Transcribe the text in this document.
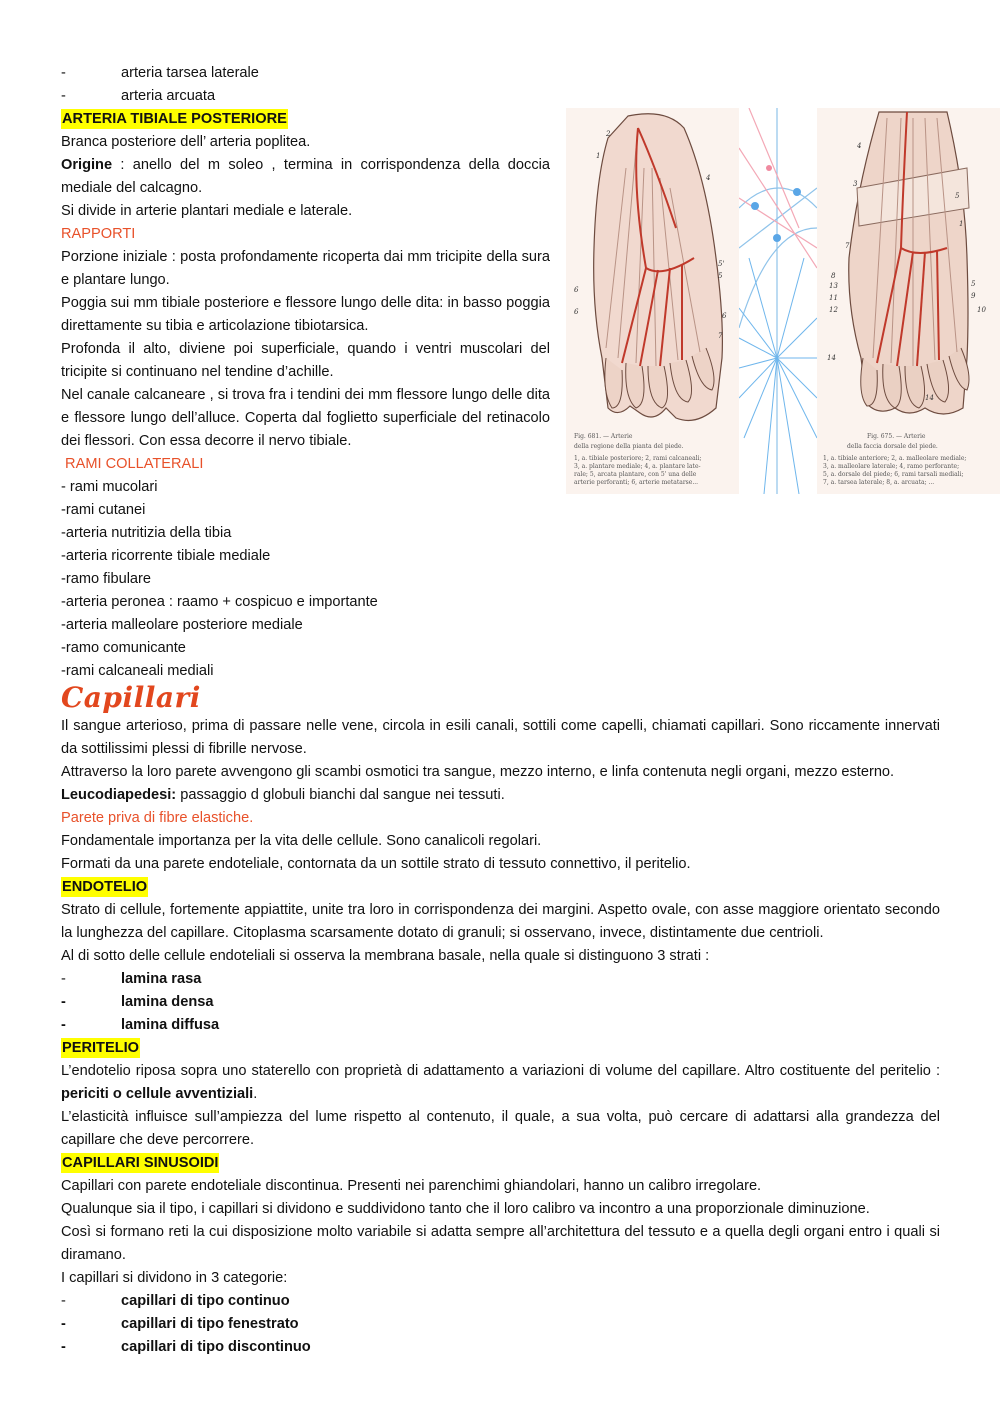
-	arteria tarsea laterale
-	arteria arcuata
ARTERIA TIBIALE POSTERIORE
Branca posteriore dell’ arteria poplitea.
Origine : anello del m soleo , termina in corrispondenza della doccia mediale del calcagno.
Si divide in arterie plantari mediale e laterale.
RAPPORTI
Porzione iniziale : posta profondamente ricoperta dai mm tricipite della sura e plantare lungo.
Poggia sui mm tibiale posteriore e flessore lungo delle dita: in basso poggia direttamente su tibia e articolazione tibiotarsica.
Profonda il alto, diviene poi superficiale, quando i ventri muscolari del tricipite si continuano nel tendine d’achille.
Nel canale calcaneare , si trova fra i tendini dei mm flessore lungo delle dita e flessore lungo dell’alluce. Coperta dal foglietto superficiale del retinacolo dei flessori. Con essa decorre il nervo tibiale.
RAMI COLLATERALI
- rami mucolari
-rami cutanei
-arteria nutritizia della tibia
-arteria ricorrente tibiale mediale
-ramo fibulare
-arteria peronea : raamo + cospicuo e importante
-arteria malleolare posteriore mediale
-ramo comunicante
-rami calcaneali mediali
2
1
4
5'
5
6
6	6
7
Fig. 681. — Arterie
della regione della pianta del piede.
1, a. tibiale posteriore; 2, rami calcaneali;
3, a. plantare mediale; 4, a. plantare late-
rale; 5, arcata plantare, con 5' una delle
arterie perforanti; 6, arterie metatarse...
4
3
5
1
7
8
13
11
12
5
9
10
14
14
Fig. 675. — Arterie
della faccia dorsale del piede.
1, a. tibiale anteriore; 2, a. malleolare mediale;
3, a. malleolare laterale; 4, ramo perforante;
5, a. dorsale del piede; 6, rami tarsali mediali;
7, a. tarsea laterale; 8, a. arcuata; ...
Capillari
Il sangue arterioso, prima di passare nelle vene, circola in esili canali, sottili come capelli, chiamati capillari. Sono riccamente innervati da sottilissimi plessi di fibrille nervose.
Attraverso la loro parete avvengono gli scambi osmotici tra sangue, mezzo interno, e linfa contenuta negli organi, mezzo esterno.
Leucodiapedesi: passaggio d globuli bianchi dal sangue nei tessuti.
Parete priva di fibre elastiche.
Fondamentale importanza per la vita delle cellule. Sono canalicoli regolari.
Formati da una parete endoteliale, contornata da un sottile strato di tessuto connettivo, il peritelio.
ENDOTELIO
Strato di cellule, fortemente appiattite, unite tra loro in corrispondenza dei margini. Aspetto ovale, con asse maggiore orientato secondo la lunghezza del capillare. Citoplasma scarsamente dotato di granuli; si osservano, invece, distintamente due centrioli.
Al di sotto delle cellule endoteliali si osserva la membrana basale, nella quale si distinguono 3 strati :
-	lamina rasa
-	lamina densa
-	lamina diffusa
PERITELIO
L’endotelio riposa sopra uno staterello con proprietà di adattamento a variazioni di volume del capillare. Altro costituente del peritelio : periciti o cellule avventiziali.
L’elasticità influisce sull’ampiezza del lume rispetto al contenuto, il quale, a sua volta, può cercare di adattarsi alla grandezza del capillare che deve percorrere.
CAPILLARI SINUSOIDI
Capillari con parete endoteliale discontinua. Presenti nei parenchimi ghiandolari, hanno un calibro irregolare.
Qualunque sia il tipo, i capillari si dividono e suddividono tanto che il loro calibro va incontro a una proporzionale diminuzione.
Così si formano reti la cui disposizione molto variabile si adatta sempre all’architettura del tessuto e a quella degli organi entro i quali si diramano.
I capillari si dividono in 3 categorie:
-	capillari di tipo continuo
-	capillari di tipo fenestrato
-	capillari di tipo discontinuo
